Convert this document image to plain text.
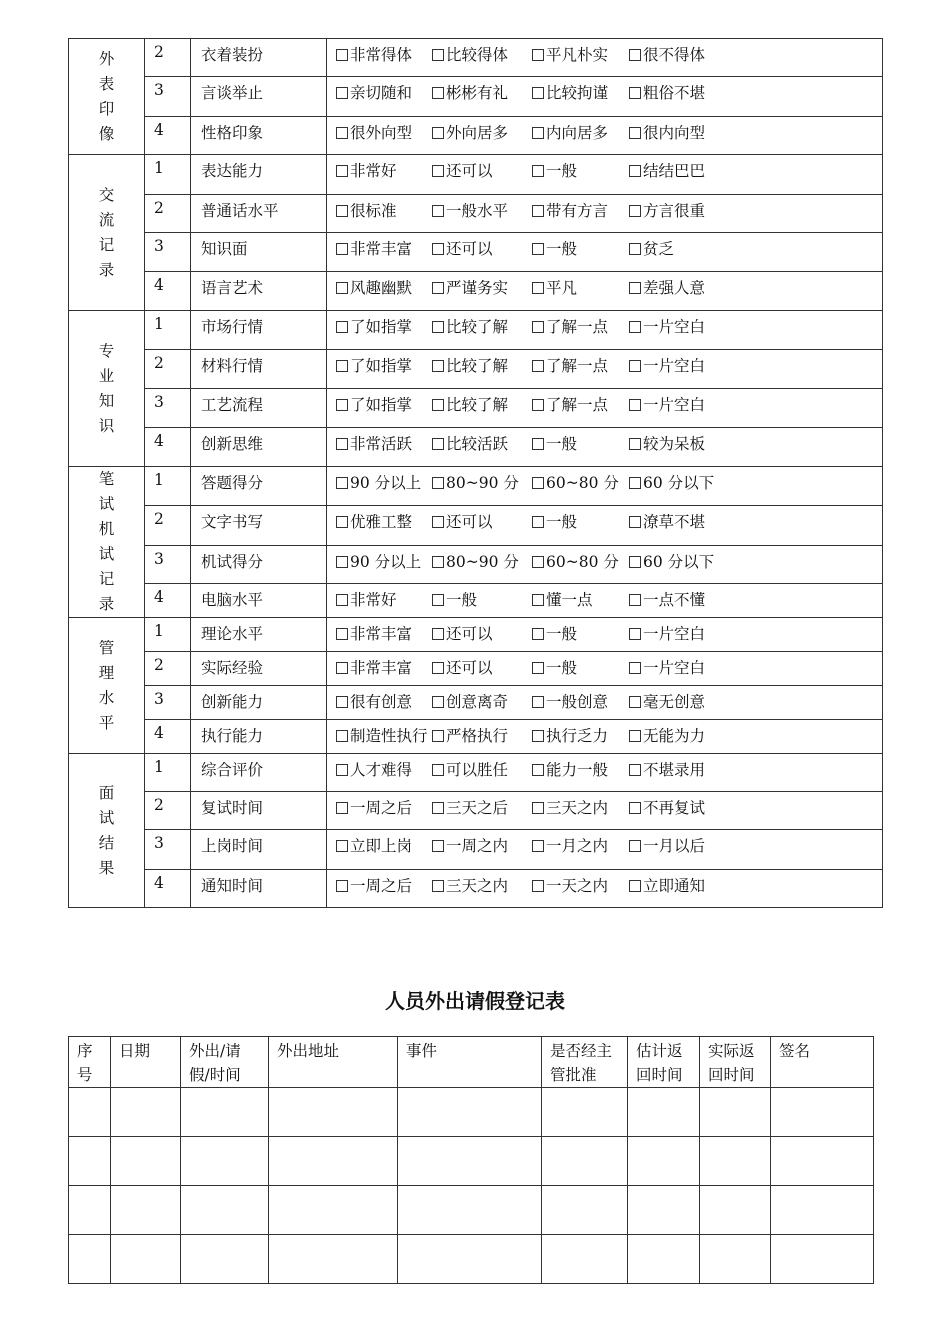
外表印像	2	衣着装扮	非常得体 比较得体 平凡朴实 很不得体

	3	言谈举止	亲切随和 彬彬有礼 比较拘谨 粗俗不堪

	4	性格印象	很外向型 外向居多 内向居多 很内向型

交流记录	1	表达能力	非常好 还可以 一般 结结巴巴

	2	普通话水平	很标准 一般水平 带有方言 方言很重

	3	知识面	非常丰富 还可以 一般 贫乏

	4	语言艺术	风趣幽默 严谨务实 平凡 差强人意

专业知识	1	市场行情	了如指掌 比较了解 了解一点 一片空白

	2	材料行情	了如指掌 比较了解 了解一点 一片空白

	3	工艺流程	了如指掌 比较了解 了解一点 一片空白

	4	创新思维	非常活跃 比较活跃 一般 较为呆板

笔试机试记录	1	答题得分	90 分以上 80~90 分 60~80 分 60 分以下

	2	文字书写	优雅工整 还可以 一般 潦草不堪

	3	机试得分	90 分以上 80~90 分 60~80 分 60 分以下

	4	电脑水平	非常好 一般 懂一点 一点不懂

管理水平	1	理论水平	非常丰富 还可以 一般 一片空白

	2	实际经验	非常丰富 还可以 一般 一片空白

	3	创新能力	很有创意 创意离奇 一般创意 毫无创意

	4	执行能力	制造性执行 严格执行 执行乏力 无能为力

面试结果	1	综合评价	人才难得 可以胜任 能力一般 不堪录用

	2	复试时间	一周之后 三天之后 三天之内 不再复试

	3	上岗时间	立即上岗 一周之内 一月之内 一月以后

	4	通知时间	一周之后 三天之内 一天之内 立即通知
人员外出请假登记表
序号	日期	外出/请假/时间	外出地址	事件	是否经主管批准	估计返回时间	实际返回时间	签名
